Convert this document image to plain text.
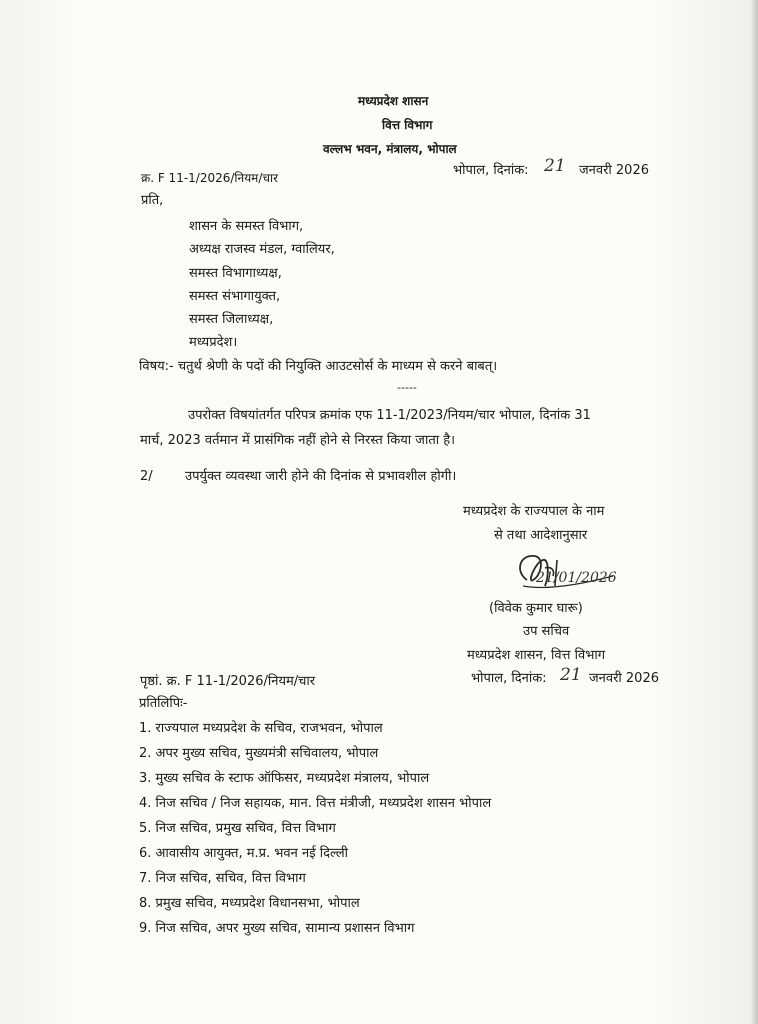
मध्यप्रदेश शासन
वित्त विभाग
वल्लभ भवन, मंत्रालय, भोपाल
क्र. F 11-1/2026/नियम/चार	भोपाल, दिनांक: 21 जनवरी 2026
प्रति,
शासन के समस्त विभाग,
अध्यक्ष राजस्व मंडल, ग्वालियर,
समस्त विभागाध्यक्ष,
समस्त संभागायुक्त,
समस्त जिलाध्यक्ष,
मध्यप्रदेश।
विषय:- चतुर्थ श्रेणी के पदों की नियुक्ति आउटसोर्स के माध्यम से करने बाबत्।
-----
उपरोक्त विषयांतर्गत परिपत्र क्रमांक एफ 11-1/2023/नियम/चार भोपाल, दिनांक 31
मार्च, 2023 वर्तमान में प्रासंगिक नहीं होने से निरस्त किया जाता है।
2/ उपर्युक्त व्यवस्था जारी होने की दिनांक से प्रभावशील होगी।
मध्यप्रदेश के राज्यपाल के नाम
से तथा आदेशानुसार
21/01/2026
(विवेक कुमार घारू)
उप सचिव
मध्यप्रदेश शासन, वित्त विभाग
पृष्ठां. क्र. F 11-1/2026/नियम/चार	भोपाल, दिनांक: 21 जनवरी 2026
प्रतिलिपिः-
1. राज्यपाल मध्यप्रदेश के सचिव, राजभवन, भोपाल
2. अपर मुख्य सचिव, मुख्यमंत्री सचिवालय, भोपाल
3. मुख्य सचिव के स्टाफ ऑफिसर, मध्यप्रदेश मंत्रालय, भोपाल
4. निज सचिव / निज सहायक, मान. वित्त मंत्रीजी, मध्यप्रदेश शासन भोपाल
5. निज सचिव, प्रमुख सचिव, वित्त विभाग
6. आवासीय आयुक्त, म.प्र. भवन नई दिल्ली
7. निज सचिव, सचिव, वित्त विभाग
8. प्रमुख सचिव, मध्यप्रदेश विधानसभा, भोपाल
9. निज सचिव, अपर मुख्य सचिव, सामान्य प्रशासन विभाग
